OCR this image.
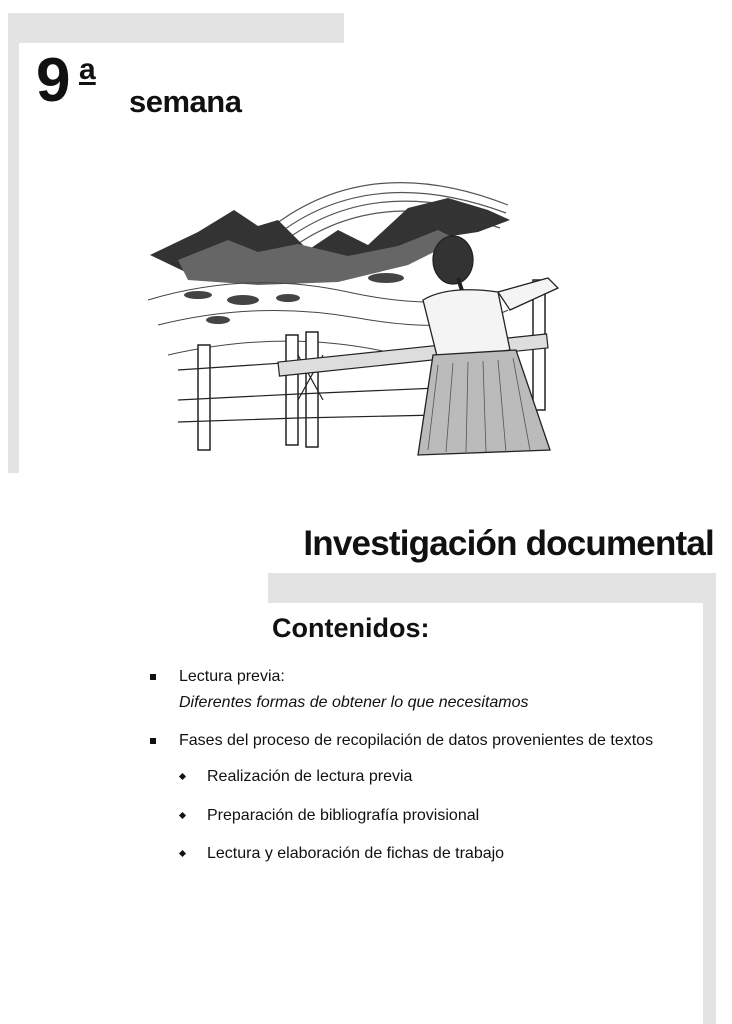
9 a
semana
Investigación documental
Contenidos:
Lectura previa:
Diferentes formas de obtener lo que necesitamos
Fases del proceso de recopilación de datos provenientes de textos
Realización de lectura previa
Preparación de bibliografía provisional
Lectura y elaboración de fichas de trabajo
